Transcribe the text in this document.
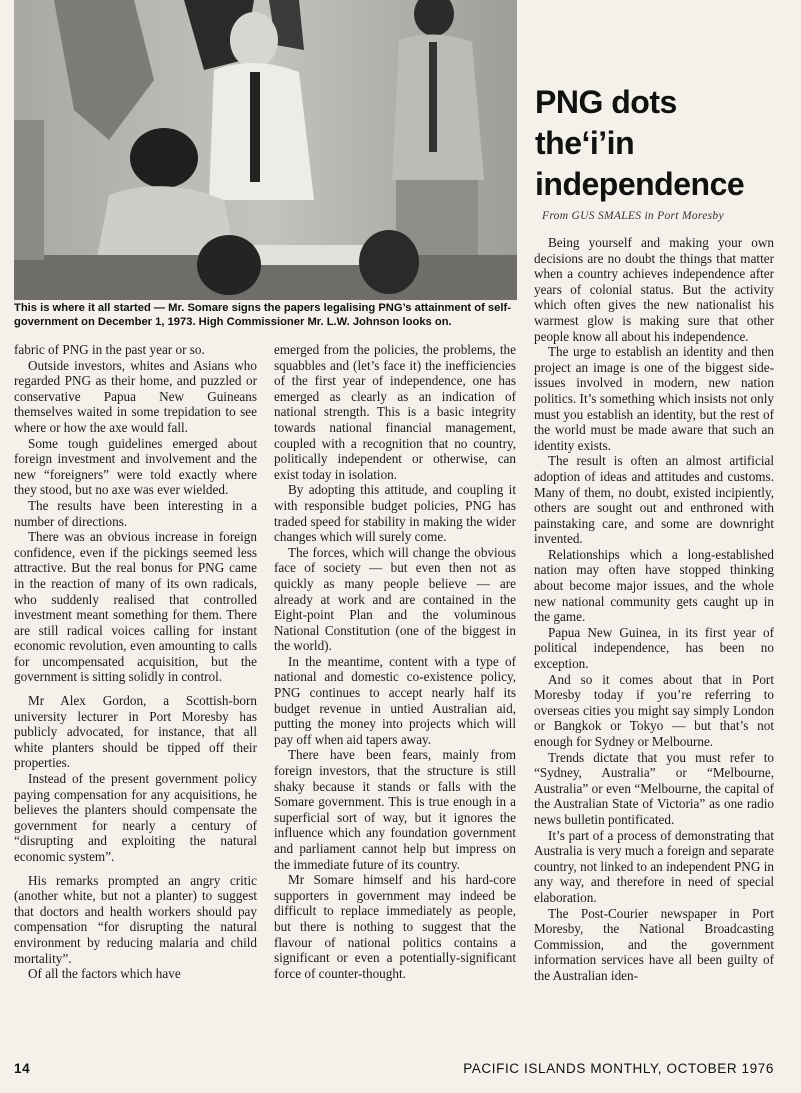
This is where it all started — Mr. Somare signs the papers legalising PNG’s attainment of self-government on December 1, 1973. High Commissioner Mr. L.W. Johnson looks on.
PNG dots
the‘i’in
independence
From GUS SMALES in Port Moresby

fabric of PNG in the past year or so.

Outside investors, whites and Asians who regarded PNG as their home, and puzzled or conservative Papua New Guineans themselves waited in some trepidation to see where or how the axe would fall.

Some tough guidelines emerged about foreign investment and involvement and the new “foreigners” were told exactly where they stood, but no axe was ever wielded.

The results have been interesting in a number of directions.

There was an obvious increase in foreign confidence, even if the pickings seemed less attractive. But the real bonus for PNG came in the reaction of many of its own radicals, who suddenly realised that controlled investment meant something for them. There are still radical voices calling for instant economic revolution, even amounting to calls for uncompensated acquisition, but the government is sitting solidly in control.

Mr Alex Gordon, a Scottish-born university lecturer in Port Moresby has publicly advocated, for instance, that all white planters should be tipped off their properties.

Instead of the present government policy paying compensation for any acquisitions, he believes the planters should compensate the government for nearly a century of “disrupting and exploiting the natural economic system”.

His remarks prompted an angry critic (another white, but not a planter) to suggest that doctors and health workers should pay compensation “for disrupting the natural environment by reducing malaria and child mortality”.

Of all the factors which have

emerged from the policies, the problems, the squabbles and (let’s face it) the inefficiencies of the first year of independence, one has emerged as clearly as an indication of national strength. This is a basic integrity towards national financial management, coupled with a recognition that no country, politically independent or otherwise, can exist today in isolation.

By adopting this attitude, and coupling it with responsible budget policies, PNG has traded speed for stability in making the wider changes which will surely come.

The forces, which will change the obvious face of society — but even then not as quickly as many people believe — are already at work and are contained in the Eight-point Plan and the voluminous National Constitution (one of the biggest in the world).

In the meantime, content with a type of national and domestic co-existence policy, PNG continues to accept nearly half its budget revenue in untied Australian aid, putting the money into projects which will pay off when aid tapers away.

There have been fears, mainly from foreign investors, that the structure is still shaky because it stands or falls with the Somare government. This is true enough in a superficial sort of way, but it ignores the influence which any foundation government and parliament cannot help but impress on the immediate future of its country.

Mr Somare himself and his hard-core supporters in government may indeed be difficult to replace immediately as people, but there is nothing to suggest that the flavour of national politics contains a significant or even a potentially-significant force of counter-thought.

Being yourself and making your own decisions are no doubt the things that matter when a country achieves independence after years of colonial status. But the activity which often gives the new nationalist his warmest glow is making sure that other people know all about his independence.

The urge to establish an identity and then project an image is one of the biggest side-issues involved in modern, new nation politics. It’s something which insists not only must you establish an identity, but the rest of the world must be made aware that such an identity exists.

The result is often an almost artificial adoption of ideas and attitudes and customs. Many of them, no doubt, existed incipiently, others are sought out and enthroned with painstaking care, and some are downright invented.

Relationships which a long-established nation may often have stopped thinking about become major issues, and the whole new national community gets caught up in the game.

Papua New Guinea, in its first year of political independence, has been no exception.

And so it comes about that in Port Moresby today if you’re referring to overseas cities you might say simply London or Bangkok or Tokyo — but that’s not enough for Sydney or Melbourne.

Trends dictate that you must refer to “Sydney, Australia” or “Melbourne, Australia” or even “Melbourne, the capital of the Australian State of Victoria” as one radio news bulletin pontificated.

It’s part of a process of demonstrating that Australia is very much a foreign and separate country, not linked to an independent PNG in any way, and therefore in need of special elaboration.

The Post-Courier newspaper in Port Moresby, the National Broadcasting Commission, and the government information services have all been guilty of the Australian iden-

14	PACIFIC ISLANDS MONTHLY, OCTOBER 1976
